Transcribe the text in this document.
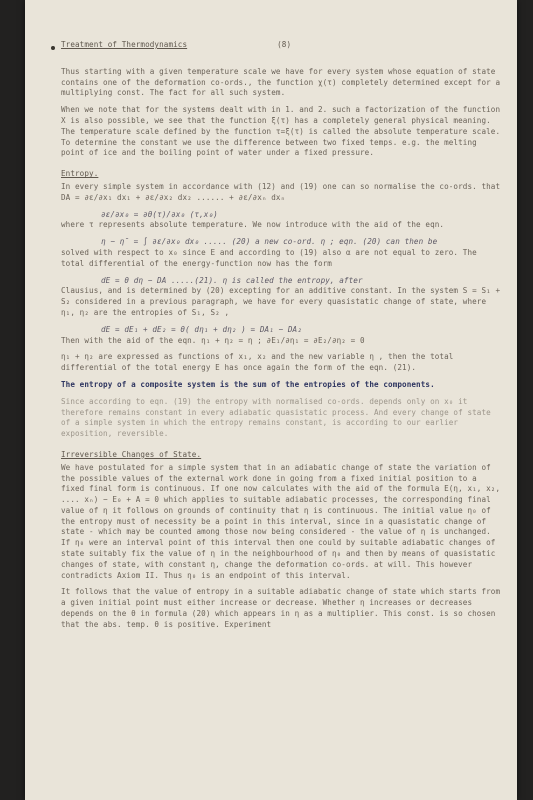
Treatment of Thermodynamics	(8)

Thus starting with a given temperature scale we have for every system whose equation of state contains one of the deformation co-ords., the function χ(τ) completely determined except for a multiplying const. The fact for all such system.

When we note that for the systems dealt with in 1. and 2. such a factorization of the function X is also possible, we see that the function ξ(τ) has a completely general physical meaning. The temperature scale defined by the function τ=ξ(τ) is called the absolute temperature scale. To determine the constant we use the difference between two fixed temps. e.g. the melting point of ice and the boiling point of water under a fixed pressure.

Entropy.

In every simple system in accordance with (12) and (19) one can so normalise the co-ords. that DA = ∂ε/∂x₁ dx₁ + ∂ε/∂x₂ dx₂ ...... + ∂ε/∂xₙ dxₙ

∂ε/∂x₀ = ∂θ(τ)/∂x₀ (τ,x₀)

where τ represents absolute temperature. We now introduce with the aid of the eqn.

η − η̄ = ∫ ∂ε/∂x₀ dx₀ ..... (20) a new co-ord. η ; eqn. (20) can then be

solved with respect to x₀ since E and according to (19) also α are not equal to zero. The total differential of the energy-function now has the form

dE = θ dη − DA .....(21). η is called the entropy, after

Clausius, and is determined by (20) excepting for an additive constant. In the system S = S₁ + S₂ considered in a previous paragraph, we have for every quasistatic change of state, where η₁, η₂ are the entropies of S₁, S₂ ,

dE = dE₁ + dE₂ = θ( dη₁ + dη₂ ) = DA₁ − DA₂

Then with the aid of the eqn. η₁ + η₂ = η ; ∂E₁/∂η₁ = ∂E₂/∂η₂ = 0

η₁ + η₂ are expressed as functions of x₁, x₂ and the new variable η , then the total differential of the total energy E has once again the form of the eqn. (21).

The entropy of a composite system is the sum of the entropies of the components.

Since according to eqn. (19) the entropy with normalised co-ords. depends only on x₀ it therefore remains constant in every adiabatic quasistatic process. And every change of state of a simple system in which the entropy remains constant, is according to our earlier exposition, reversible.

Irreversible Changes of State.

We have postulated for a simple system that in an adiabatic change of state the variation of the possible values of the external work done in going from a fixed initial position to a fixed final form is continuous. If one now calculates with the aid of the formula E(η, x₁, x₂, .... xₙ) − E₀ + A = 0 which applies to suitable adiabatic processes, the corresponding final value of η it follows on grounds of continuity that η is continuous. The initial value η₀ of the entropy must of necessity be a point in this interval, since in a quasistatic change of state - which may be counted among those now being considered - the value of η is unchanged. If η₀ were an interval point of this interval then one could by suitable adiabatic changes of state suitably fix the value of η in the neighbourhood of η₀ and then by means of quasistatic changes of state, with constant η, change the deformation co-ords. at will. This however contradicts Axiom II. Thus η₀ is an endpoint of this interval.

It follows that the value of entropy in a suitable adiabatic change of state which starts from a given initial point must either increase or decrease. Whether η increases or decreases depends on the θ in formula (20) which appears in η as a multiplier. This const. is so chosen that the abs. temp. θ is positive. Experiment
